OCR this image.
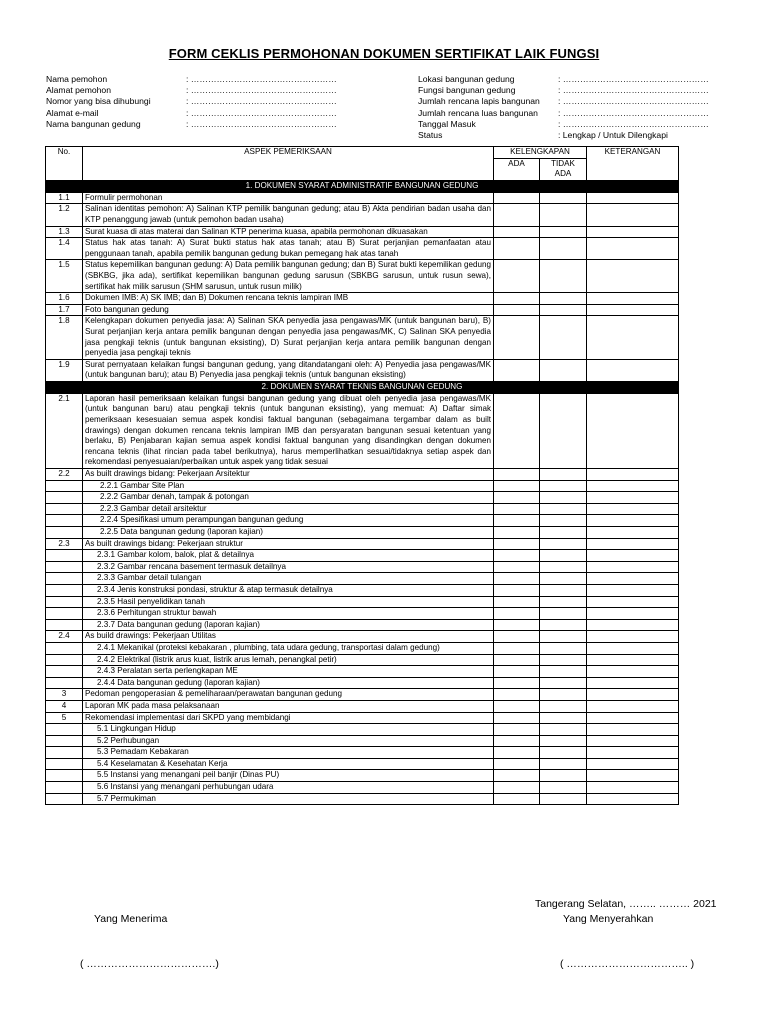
FORM CEKLIS PERMOHONAN DOKUMEN SERTIFIKAT LAIK FUNGSI
Nama pemohon	: ……………………………………………
Alamat pemohon	: ……………………………………………
Nomor yang bisa dihubungi	: ……………………………………………
Alamat e-mail	: ……………………………………………
Nama bangunan gedung	: ……………………………………………
Lokasi bangunan gedung	: ……………………………………………
Fungsi bangunan gedung	: ……………………………………………
Jumlah rencana lapis bangunan	: ……………………………………………
Jumlah rencana luas bangunan	: ……………………………………………
Tanggal Masuk	: ……………………………………………
Status	: Lengkap / Untuk Dilengkapi
No.	ASPEK PEMERIKSAAN	KELENGKAPAN		KETERANGAN
		ADA	TIDAK ADA	
1. DOKUMEN SYARAT ADMINISTRATIF BANGUNAN GEDUNG				
1.1	Formulir permohonan			
1.2	Salinan identitas pemohon: A) Salinan KTP pemilik bangunan gedung; atau B) Akta pendirian badan usaha dan KTP penanggung jawab (untuk pemohon badan usaha)			
1.3	Surat kuasa di atas materai dan Salinan KTP penerima kuasa, apabila permohonan dikuasakan			
1.4	Status hak atas tanah: A) Surat bukti status hak atas tanah; atau B) Surat perjanjian pemanfaatan atau penggunaan tanah, apabila pemilik bangunan gedung bukan pemegang hak atas tanah			
1.5	Status kepemilikan bangunan gedung: A) Data pemilik bangunan gedung; dan B) Surat bukti kepemilikan gedung (SBKBG, jika ada), sertifikat kepemilikan bangunan gedung sarusun (SBKBG sarusun, untuk rusun sewa), sertifikat hak milik sarusun (SHM sarusun, untuk rusun milik)			
1.6	Dokumen IMB: A) SK IMB; dan B) Dokumen rencana teknis lampiran IMB			
1.7	Foto bangunan gedung			
1.8	Kelengkapan dokumen penyedia jasa: A) Salinan SKA penyedia jasa pengawas/MK (untuk bangunan baru), B) Surat perjanjian kerja antara pemilik bangunan dengan penyedia jasa pengawas/MK, C) Salinan SKA penyedia jasa pengkaji teknis (untuk bangunan eksisting), D) Surat perjanjian kerja antara pemilik bangunan dengan penyedia jasa pengkaji teknis			
1.9	Surat pernyataan kelaikan fungsi bangunan gedung, yang ditandatangani oleh: A) Penyedia jasa pengawas/MK (untuk bangunan baru); atau B) Penyedia jasa pengkaji teknis (untuk bangunan eksisting)			
2. DOKUMEN SYARAT TEKNIS BANGUNAN GEDUNG				
2.1	Laporan hasil pemeriksaan kelaikan fungsi bangunan gedung yang dibuat oleh penyedia jasa pengawas/MK (untuk bangunan baru) atau pengkaji teknis (untuk bangunan eksisting), yang memuat: A) Daftar simak pemeriksaan kesesuaian semua aspek kondisi faktual bangunan (sebagaimana tergambar dalam as built drawings) dengan dokumen rencana teknis lampiran IMB dan persyaratan bangunan sesuai ketentuan yang berlaku, B) Penjabaran kajian semua aspek kondisi faktual bangunan yang disandingkan dengan dokumen rencana teknis (lihat rincian pada tabel berikutnya), harus memperlihatkan sesuai/tidaknya setiap aspek dan rekomendasi penyesuaian/perbaikan untuk aspek yang tidak sesuai			
2.2	As built drawings bidang: Pekerjaan Arsitektur			
	2.2.1 Gambar Site Plan			
	2.2.2 Gambar denah, tampak & potongan			
	2.2.3 Gambar detail arsitektur			
	2.2.4 Spesifikasi umum perampungan bangunan gedung			
	2.2.5 Data bangunan gedung (laporan kajian)			
2.3	As built drawings bidang: Pekerjaan struktur			
	2.3.1 Gambar kolom, balok, plat & detailnya			
	2.3.2 Gambar rencana basement termasuk detailnya			
	2.3.3 Gambar detail tulangan			
	2.3.4 Jenis konstruksi pondasi, struktur & atap termasuk detailnya			
	2.3.5 Hasil penyelidikan tanah			
	2.3.6 Perhitungan struktur bawah			
	2.3.7 Data bangunan gedung (laporan kajian)			
2.4	As build drawings: Pekerjaan Utilitas			
	2.4.1 Mekanikal (proteksi kebakaran , plumbing, tata udara gedung, transportasi dalam gedung)			
	2.4.2 Elektrikal (listrik arus kuat, listrik arus lemah, penangkal petir)			
	2.4.3 Peralatan serta perlengkapan ME			
	2.4.4 Data bangunan gedung (laporan kajian)			
3	Pedoman pengoperasian & pemeliharaan/perawatan bangunan gedung			
4	Laporan MK pada masa pelaksanaan			
5	Rekomendasi implementasi dari SKPD yang membidangi			
	5.1 Lingkungan Hidup			
	5.2 Perhubungan			
	5.3 Pemadam Kebakaran			
	5.4 Keselamatan & Kesehatan Kerja			
	5.5 Instansi yang menangani peil banjir (Dinas PU)			
	5.6 Instansi yang menangani perhubungan udara			
	5.7 Permukiman			
Tangerang Selatan, …….. ……… 2021
Yang Menerima	Yang Menyerahkan
( ……………………………….)	( …………………………….. )
